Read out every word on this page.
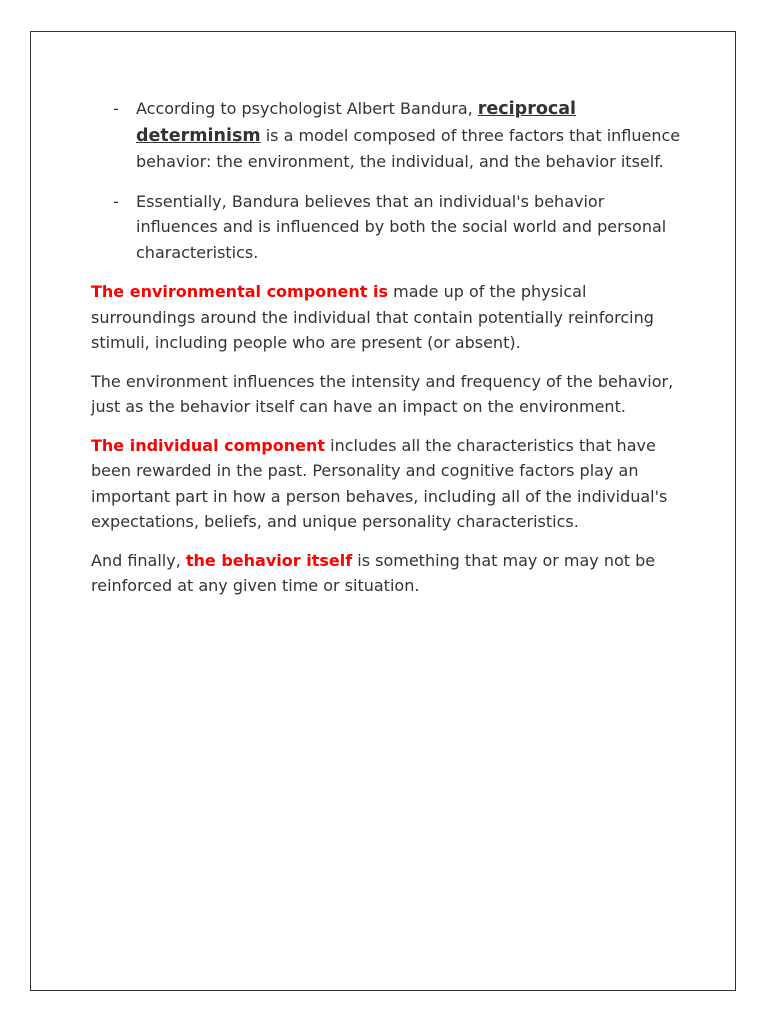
- According to psychologist Albert Bandura, reciprocal determinism is a model composed of three factors that influence behavior: the environment, the individual, and the behavior itself.
- Essentially, Bandura believes that an individual's behavior influences and is influenced by both the social world and personal characteristics.

The environmental component is made up of the physical surroundings around the individual that contain potentially reinforcing stimuli, including people who are present (or absent).

The environment influences the intensity and frequency of the behavior, just as the behavior itself can have an impact on the environment.

The individual component includes all the characteristics that have been rewarded in the past. Personality and cognitive factors play an important part in how a person behaves, including all of the individual's expectations, beliefs, and unique personality characteristics.

And finally, the behavior itself is something that may or may not be reinforced at any given time or situation.
